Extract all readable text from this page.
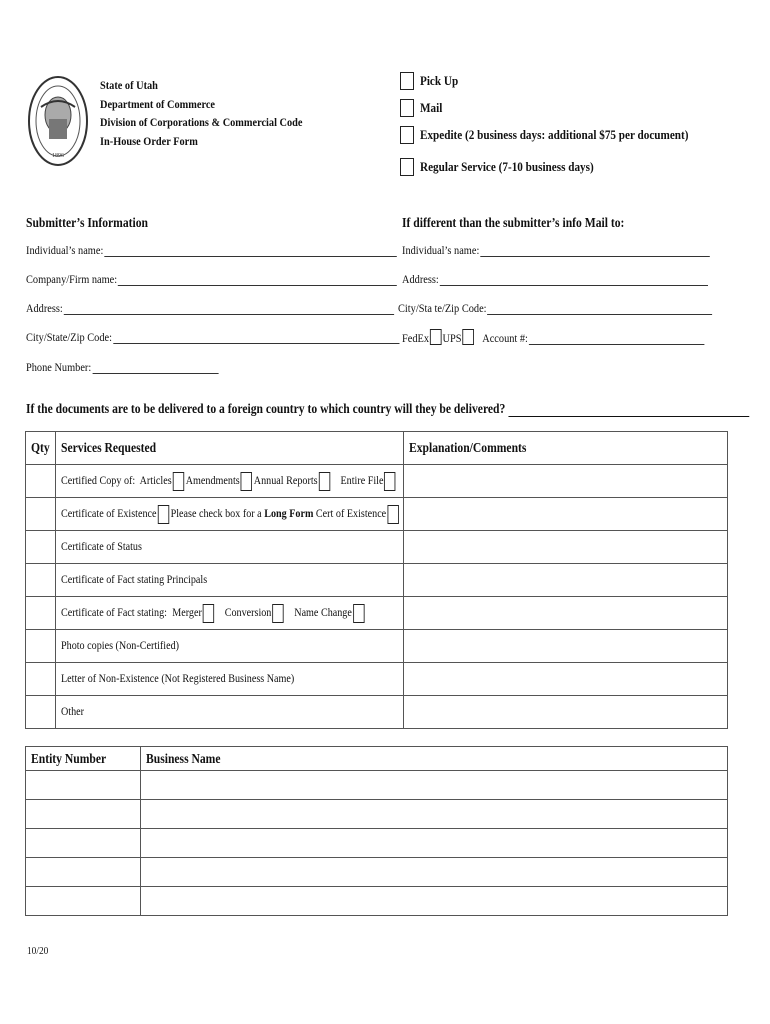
1896
State of Utah
Department of Commerce
Division of Corporations & Commercial Code
In-House Order Form
Pick Up
Mail
Expedite (2 business days: additional $75 per document)
Regular Service (7-10 business days)
Submitter’s Information
Individual’s name:
Company/Firm name:
Address:
City/State/Zip Code:
Phone Number:
If different than the submitter’s info Mail to:
Individual’s name:
Address:
City/Sta te/Zip Code:
FedEx UPS Account #:
If the documents are to be delivered to a foreign country to which country will they be delivered?
Qty	Services Requested	Explanation/Comments

	Certified Copy of: Articles Amendments Annual Reports Entire File	

	Certificate of Existence Please check box for a
Long Form
Cert of Existence	

	Certificate of Status	
	Certificate of Fact stating Principals	

	Certificate of Fact stating: Merger Conversion Name Change	

	Photo copies (Non-Certified)	
	Letter of Non-Existence (Not Registered Business Name)	
	Other	
Entity Number	Business Name

10/20
